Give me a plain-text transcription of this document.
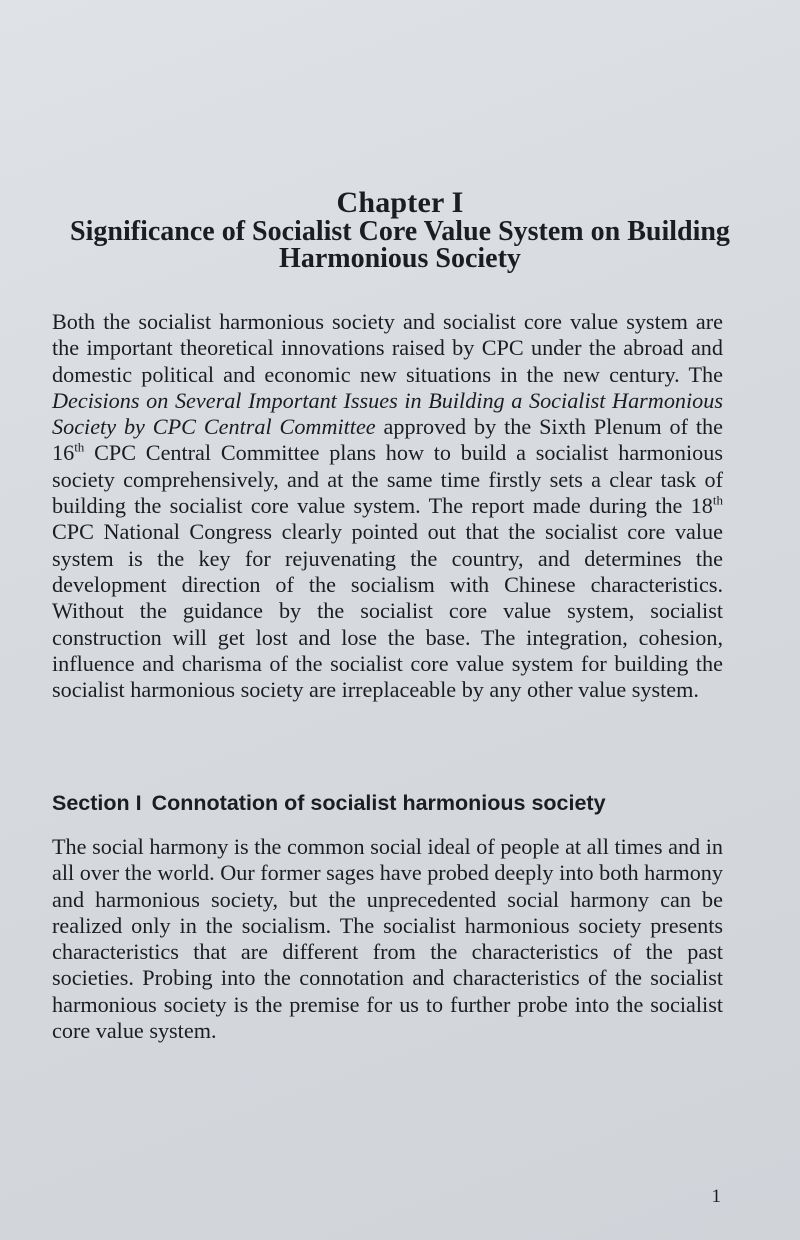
Chapter I
Significance of Socialist Core Value System on Building Harmonious Society

Both the socialist harmonious society and socialist core value system are the important theoretical innovations raised by CPC under the abroad and domestic political and economic new situations in the new century. The Decisions on Several Important Issues in Building a Socialist Harmonious Society by CPC Central Committee approved by the Sixth Plenum of the 16th CPC Central Committee plans how to build a socialist harmonious society comprehensively, and at the same time firstly sets a clear task of building the socialist core value system. The report made during the 18th CPC National Congress clearly pointed out that the socialist core value system is the key for rejuvenating the country, and determines the development direction of the socialism with Chinese characteristics. Without the guidance by the socialist core value system, socialist construction will get lost and lose the base. The integration, cohesion, influence and charisma of the socialist core value system for building the socialist harmonious society are irreplaceable by any other value system.

Section I Connotation of socialist harmonious society

The social harmony is the common social ideal of people at all times and in all over the world. Our former sages have probed deeply into both harmony and harmonious society, but the unprecedented social harmony can be realized only in the socialism. The socialist harmonious society presents characteristics that are different from the characteristics of the past societies. Probing into the connotation and characteristics of the socialist harmonious society is the premise for us to further probe into the socialist core value system.

1
